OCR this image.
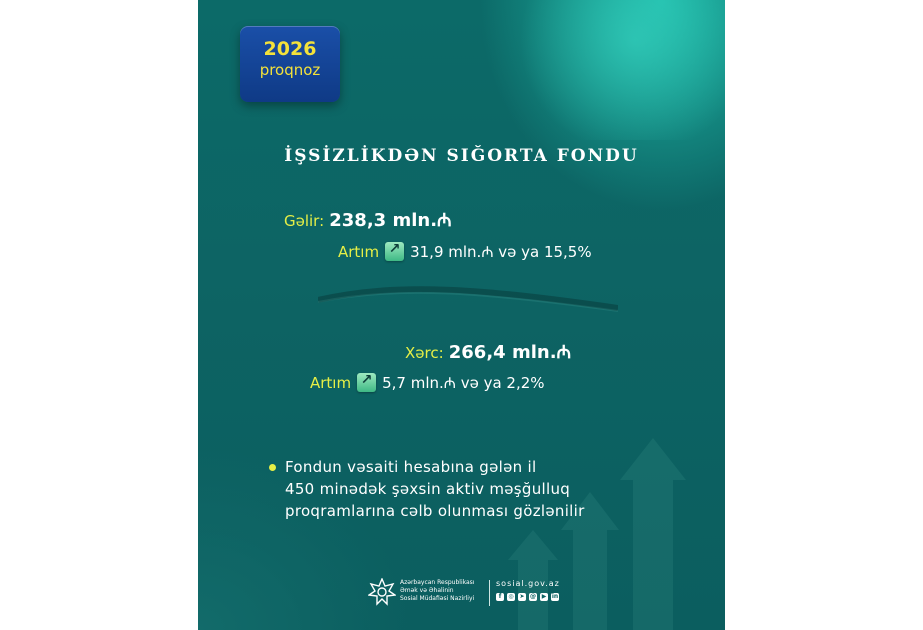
2026
proqnoz
İŞSİZLİKDƏN SIĞORTA FONDU
Gəlir: 238,3 mln.₼
Artım ↗ 31,9 mln.₼ və ya 15,5%
Xərc: 266,4 mln.₼
Artım ↗ 5,7 mln.₼ və ya 2,2%
Fondun vəsaiti hesabına gələn il
450 minədək şəxsin aktiv məşğulluq
proqramlarına cəlb olunması gözlənilir
Azərbaycan Respublikası
Əmək və Əhalinin
Sosial Müdafiəsi Nazirliyi
sosial.gov.az
f	◎ ➤ @ ▶ in
